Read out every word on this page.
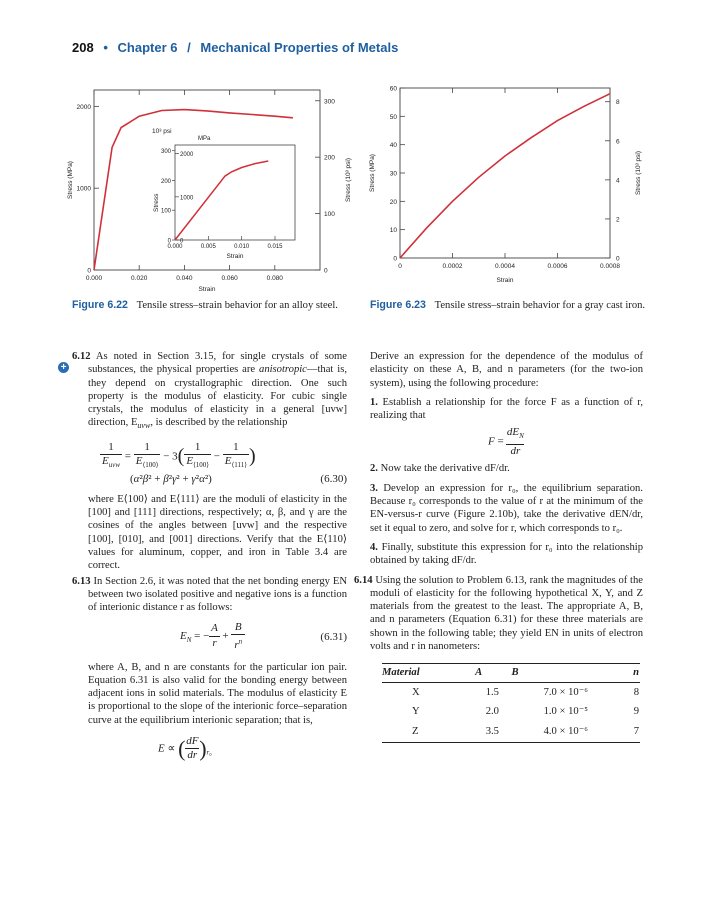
208 • Chapter 6 / Mechanical Properties of Metals
0.000	0.020	0.040	0.060	0.080
0
1000
2000
0
100
200
300
Strain
Stress (MPa)	Stress (10³ psi)
0.000	0.005	0.010	0.015
0
1000
2000
0
100
200
300
10³ psi
MPa
Stress
Strain
0	0.0002	0.0004	0.0006	0.0008
0
10
20
30
40
50
60
0
2
4
6
8
Strain
Stress (MPa)	Stress (10³ psi)
Figure 6.22 Tensile stress–strain behavior for an alloy steel.	Figure 6.23 Tensile stress–strain behavior for a gray cast iron.

6.12 As noted in Section 3.15, for single crystals of some substances, the physical properties are anisotropic—that is, they depend on crystallographic direction. One such property is the modulus of elasticity. For cubic single crystals, the modulus of elasticity in a general [uvw] direction, $E_{uvw}$, is described by the relationship

1
$E_{uvw} = 1$
$E_{⟨100⟩} - 3$( 1
$E_{⟨100⟩} - 1$
$E_{⟨111⟩}$ )
(α²β² + β²γ² + γ²α²)	(6.30)

where E⟨100⟩ and E⟨111⟩ are the moduli of elasticity in the [100] and [111] directions, respectively; α, β, and γ are the cosines of the angles between [uvw] and the respective [100], [010], and [001] directions. Verify that the E⟨110⟩ values for aluminum, copper, and iron in Table 3.4 are correct.

6.13 In Section 2.6, it was noted that the net bonding energy EN between two isolated positive and negative ions is a function of interionic distance r as follows:

$E_N = -\frac{A}{r} + \frac{B}{r^n}$	(6.31)

where A, B, and n are constants for the particular ion pair. Equation 6.31 is also valid for the bonding energy between adjacent ions in solid materials. The modulus of elasticity E is proportional to the slope of the interionic force–separation curve at the equilibrium interionic separation; that is,

$E \propto (\frac{dF}{dr})_{r_0}$

Derive an expression for the dependence of the modulus of elasticity on these A, B, and n parameters (for the two-ion system), using the following procedure:

1. Establish a relationship for the force F as a function of r, realizing that

$F = dE_N$
dr

2. Now take the derivative dF/dr.

3. Develop an expression for r₀, the equilibrium separation. Because r₀ corresponds to the value of r at the minimum of the EN-versus-r curve (Figure 2.10b), take the derivative dEN/dr, set it equal to zero, and solve for r, which corresponds to r₀.

4. Finally, substitute this expression for r₀ into the relationship obtained by taking dF/dr.

6.14 Using the solution to Problem 6.13, rank the magnitudes of the moduli of elasticity for the following hypothetical X, Y, and Z materials from the greatest to the least. The appropriate A, B, and n parameters (Equation 6.31) for these three materials are shown in the following table; they yield EN in units of electron volts and r in nanometers:

Material	A	B	n
X	1.5	7.0 × 10⁻⁶	8
Y	2.0	1.0 × 10⁻⁵	9
Z	3.5	4.0 × 10⁻⁶	7
+
